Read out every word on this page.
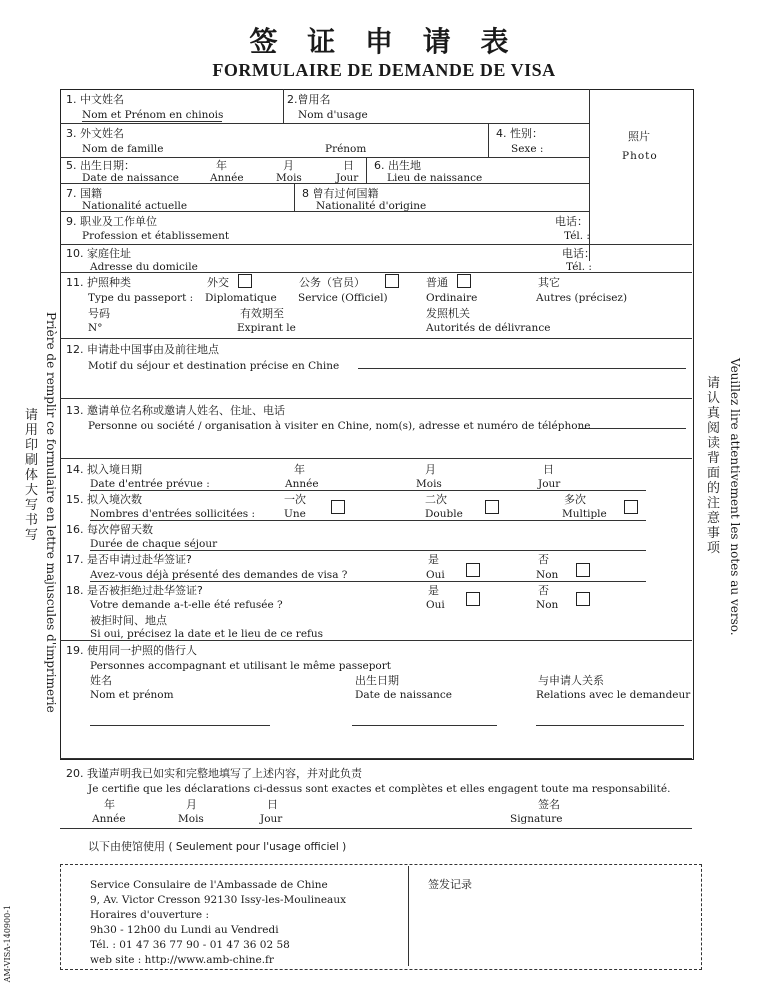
签 证 申 请 表
FORMULAIRE DE DEMANDE DE VISA
Prière de remplir ce formulaire en lettre majuscules d'imprimerie
请用印刷体大写书写	Veuillez lire attentivement les notes au verso.
请认真阅读背面的注意事项
照片
Photo
1. 中文姓名
Nom et Prénom en chinois
2.曾用名
Nom d'usage
3. 外文姓名
Nom de famille	Prénom
4. 性别：
Sexe :
5. 出生日期：
Date de naissance
年
Année
月
Mois
日
Jour
6. 出生地
Lieu de naissance
7. 国籍
Nationalité actuelle
8 曾有过何国籍
Nationalité d'origine
9. 职业及工作单位
Profession et établissement
电话：
Tél. :
10. 家庭住址
Adresse du domicile
电话：
Tél. :
11. 护照种类
Type du passeport :
外交
Diplomatique
公务（官员）
Service (Officiel)
普通
Ordinaire
其它
Autres (précisez)
号码
N°
有效期至
Expirant le
发照机关
Autorités de délivrance
12. 申请赴中国事由及前往地点
Motif du séjour et destination précise en Chine
13. 邀请单位名称或邀请人姓名、住址、电话
Personne ou société / organisation à visiter en Chine, nom(s), adresse et numéro de téléphone
14. 拟入境日期
Date d'entrée prévue :
年
Année
月
Mois
日
Jour
15. 拟入境次数
Nombres d'entrées sollicitées :
一次
Une
二次
Double
多次
Multiple
16. 每次停留天数
Durée de chaque séjour
17. 是否申请过赴华签证?
Avez-vous déjà présenté des demandes de visa ?
是
Oui
否
Non
18. 是否被拒绝过赴华签证?
Votre demande a-t-elle été refusée ?
是
Oui
否
Non
被拒时间、地点
Si oui, précisez la date et le lieu de ce refus
19. 使用同一护照的偕行人
Personnes accompagnant et utilisant le même passeport
姓名
Nom et prénom
出生日期
Date de naissance
与申请人关系
Relations avec le demandeur
20. 我谨声明我已如实和完整地填写了上述内容，并对此负责
Je certifie que les déclarations ci-dessus sont exactes et complètes et elles engagent toute ma responsabilité.
年
Année
月
Mois
日
Jour
签名
Signature
以下由使馆使用 ( Seulement pour l'usage officiel )
Service Consulaire de l'Ambassade de Chine
9, Av. Victor Cresson 92130 Issy-les-Moulineaux
Horaires d'ouverture :
9h30 - 12h00 du Lundi au Vendredi
Tél. : 01 47 36 77 90 - 01 47 36 02 58
web site : http://www.amb-chine.fr
签发记录
AM-VISA-140900-1
